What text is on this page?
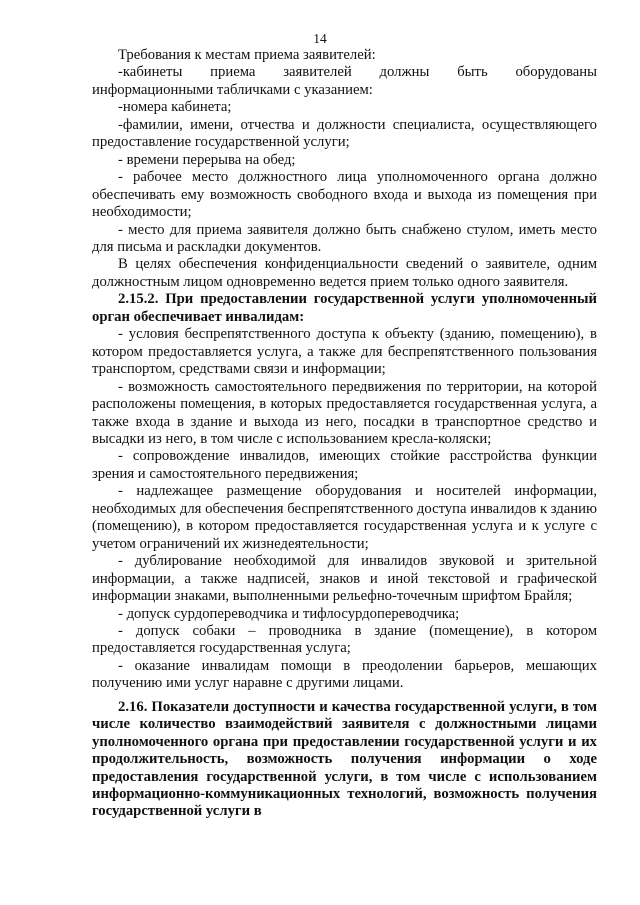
14

Требования к местам приема заявителей:

-кабинеты приема заявителей должны быть оборудованы информационными табличками с указанием:

-номера кабинета;

-фамилии, имени, отчества и должности специалиста, осуществляющего предоставление государственной услуги;

- времени перерыва на обед;

- рабочее место должностного лица уполномоченного органа должно обеспечивать ему возможность свободного входа и выхода из помещения при необходимости;

- место для приема заявителя должно быть снабжено стулом, иметь место для письма и раскладки документов.

В целях обеспечения конфиденциальности сведений о заявителе, одним должностным лицом одновременно ведется прием только одного заявителя.

2.15.2. При предоставлении государственной услуги уполномоченный орган обеспечивает инвалидам:

- условия беспрепятственного доступа к объекту (зданию, помещению), в котором предоставляется услуга, а также для беспрепятственного пользования транспортом, средствами связи и информации;

- возможность самостоятельного передвижения по территории, на которой расположены помещения, в которых предоставляется государственная услуга, а также входа в здание и выхода из него, посадки в транспортное средство и высадки из него, в том числе с использованием кресла-коляски;

- сопровождение инвалидов, имеющих стойкие расстройства функции зрения и самостоятельного передвижения;

- надлежащее размещение оборудования и носителей информации, необходимых для обеспечения беспрепятственного доступа инвалидов к зданию (помещению), в котором предоставляется государственная услуга и к услуге с учетом ограничений их жизнедеятельности;

- дублирование необходимой для инвалидов звуковой и зрительной информации, а также надписей, знаков и иной текстовой и графической информации знаками, выполненными рельефно-точечным шрифтом Брайля;

- допуск сурдопереводчика и тифлосурдопереводчика;

- допуск собаки – проводника в здание (помещение), в котором предоставляется государственная услуга;

- оказание инвалидам помощи в преодолении барьеров, мешающих получению ими услуг наравне с другими лицами.

2.16. Показатели доступности и качества государственной услуги, в том числе количество взаимодействий заявителя с должностными лицами уполномоченного органа при предоставлении государственной услуги и их продолжительность, возможность получения информации о ходе предоставления государственной услуги, в том числе с использованием информационно-коммуникационных технологий, возможность получения государственной услуги в
